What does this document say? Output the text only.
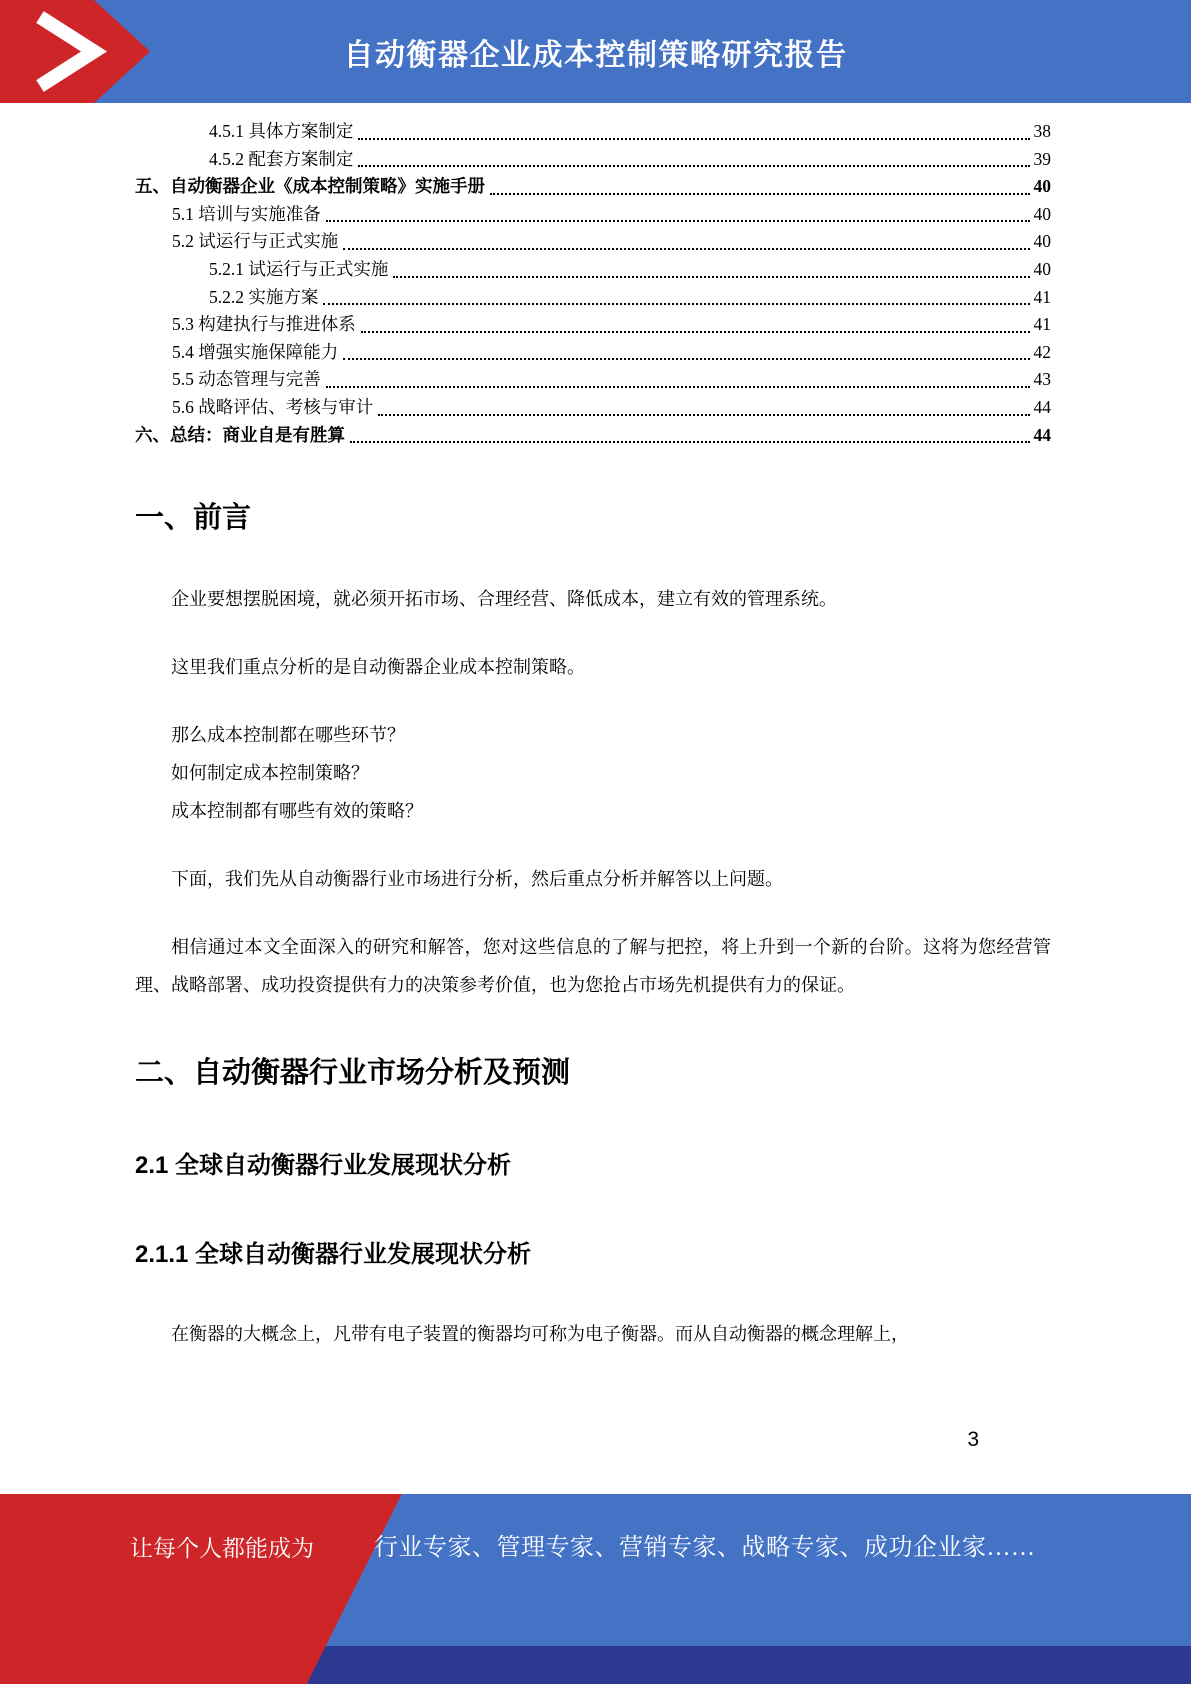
自动衡器企业成本控制策略研究报告
4.5.1 具体方案制定	38
4.5.2 配套方案制定	39
五、自动衡器企业《成本控制策略》实施手册	40
5.1 培训与实施准备	40
5.2 试运行与正式实施	40
5.2.1 试运行与正式实施	40
5.2.2 实施方案	41
5.3 构建执行与推进体系	41
5.4 增强实施保障能力	42
5.5 动态管理与完善	43
5.6 战略评估、考核与审计	44
六、总结：商业自是有胜算	44
一、前言
企业要想摆脱困境，就必须开拓市场、合理经营、降低成本，建立有效的管理系统。
这里我们重点分析的是自动衡器企业成本控制策略。
那么成本控制都在哪些环节？
如何制定成本控制策略？
成本控制都有哪些有效的策略？
下面，我们先从自动衡器行业市场进行分析，然后重点分析并解答以上问题。
相信通过本文全面深入的研究和解答，您对这些信息的了解与把控，将上升到一个新的台阶。这将为您经营管理、战略部署、成功投资提供有力的决策参考价值，也为您抢占市场先机提供有力的保证。
二、自动衡器行业市场分析及预测
2.1 全球自动衡器行业发展现状分析
2.1.1 全球自动衡器行业发展现状分析
在衡器的大概念上，凡带有电子装置的衡器均可称为电子衡器。而从自动衡器的概念理解上，
3
让每个人都能成为	行业专家、管理专家、营销专家、战略专家、成功企业家……
